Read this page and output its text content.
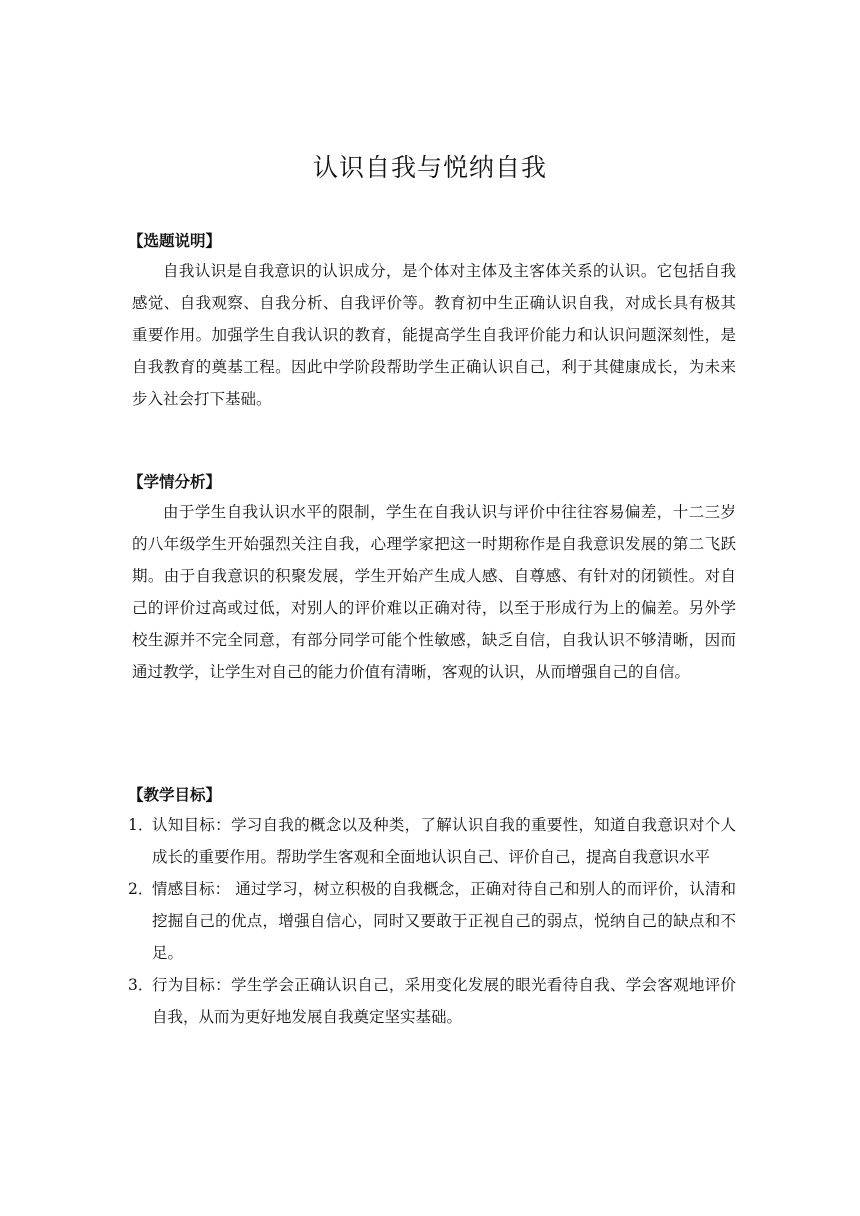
认识自我与悦纳自我
【选题说明】

自我认识是自我意识的认识成分，是个体对主体及主客体关系的认识。它包括自我感觉、自我观察、自我分析、自我评价等。教育初中生正确认识自我，对成长具有极其重要作用。加强学生自我认识的教育，能提高学生自我评价能力和认识问题深刻性，是自我教育的奠基工程。因此中学阶段帮助学生正确认识自己，利于其健康成长，为未来步入社会打下基础。

【学情分析】

由于学生自我认识水平的限制，学生在自我认识与评价中往往容易偏差，十二三岁的八年级学生开始强烈关注自我，心理学家把这一时期称作是自我意识发展的第二飞跃期。由于自我意识的积聚发展，学生开始产生成人感、自尊感、有针对的闭锁性。对自己的评价过高或过低，对别人的评价难以正确对待，以至于形成行为上的偏差。另外学校生源并不完全同意，有部分同学可能个性敏感，缺乏自信，自我认识不够清晰，因而通过教学，让学生对自己的能力价值有清晰，客观的认识，从而增强自己的自信。

【教学目标】
1．
认知目标：学习自我的概念以及种类，了解认识自我的重要性，知道自我意识对个人成长的重要作用。帮助学生客观和全面地认识自己、评价自己，提高自我意识水平
2．
情感目标： 通过学习，树立积极的自我概念，正确对待自己和别人的而评价，认清和挖掘自己的优点，增强自信心，同时又要敢于正视自己的弱点，悦纳自己的缺点和不足。
3．
行为目标：学生学会正确认识自己，采用变化发展的眼光看待自我、学会客观地评价自我，从而为更好地发展自我奠定坚实基础。
